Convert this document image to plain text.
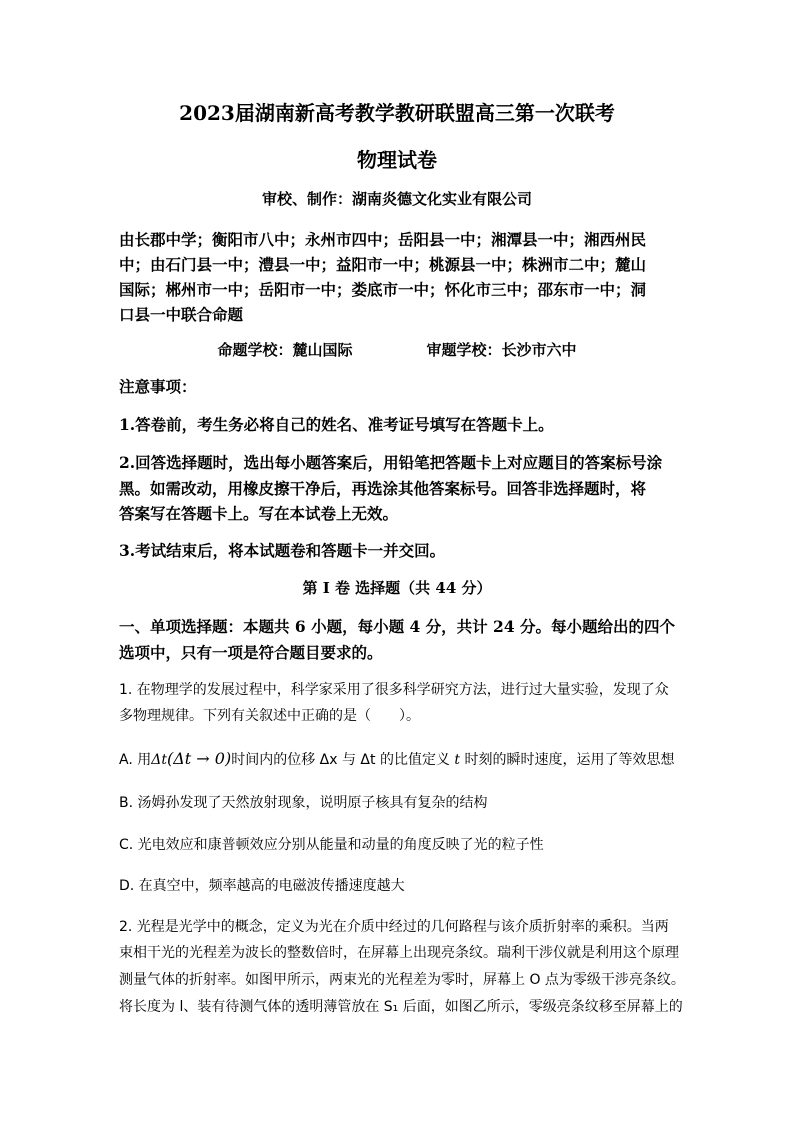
2023届湖南新高考教学教研联盟高三第一次联考
物理试卷
审校、制作：湖南炎德文化实业有限公司
由长郡中学；衡阳市八中；永州市四中；岳阳县一中；湘潭县一中；湘西州民
中；由石门县一中；澧县一中；益阳市一中；桃源县一中；株洲市二中；麓山
国际；郴州市一中；岳阳市一中；娄底市一中；怀化市三中；邵东市一中；洞
口县一中联合命题
命题学校：麓山国际	审题学校：长沙市六中
注意事项：
1.答卷前，考生务必将自己的姓名、准考证号填写在答题卡上。
2.回答选择题时，选出每小题答案后，用铅笔把答题卡上对应题目的答案标号涂
黑。如需改动，用橡皮擦干净后，再选涂其他答案标号。回答非选择题时，将
答案写在答题卡上。写在本试卷上无效。
3.考试结束后，将本试题卷和答题卡一并交回。
第 I 卷 选择题（共 44 分）
一、单项选择题：本题共 6 小题，每小题 4 分，共计 24 分。每小题给出的四个
选项中，只有一项是符合题目要求的。
1. 在物理学的发展过程中，科学家采用了很多科学研究方法，进行过大量实验，发现了众
多物理规律。下列有关叙述中正确的是（　　）。
A. 用Δt(Δt → 0)时间内的位移 Δx 与 Δt 的比值定义 t 时刻的瞬时速度，运用了等效思想
B. 汤姆孙发现了天然放射现象，说明原子核具有复杂的结构
C. 光电效应和康普顿效应分别从能量和动量的角度反映了光的粒子性
D. 在真空中，频率越高的电磁波传播速度越大
2. 光程是光学中的概念，定义为光在介质中经过的几何路程与该介质折射率的乘积。当两
束相干光的光程差为波长的整数倍时，在屏幕上出现亮条纹。瑞利干涉仪就是利用这个原理
测量气体的折射率。如图甲所示，两束光的光程差为零时，屏幕上 O 点为零级干涉亮条纹。
将长度为 l、装有待测气体的透明薄管放在 S₁ 后面，如图乙所示，零级亮条纹移至屏幕上的
